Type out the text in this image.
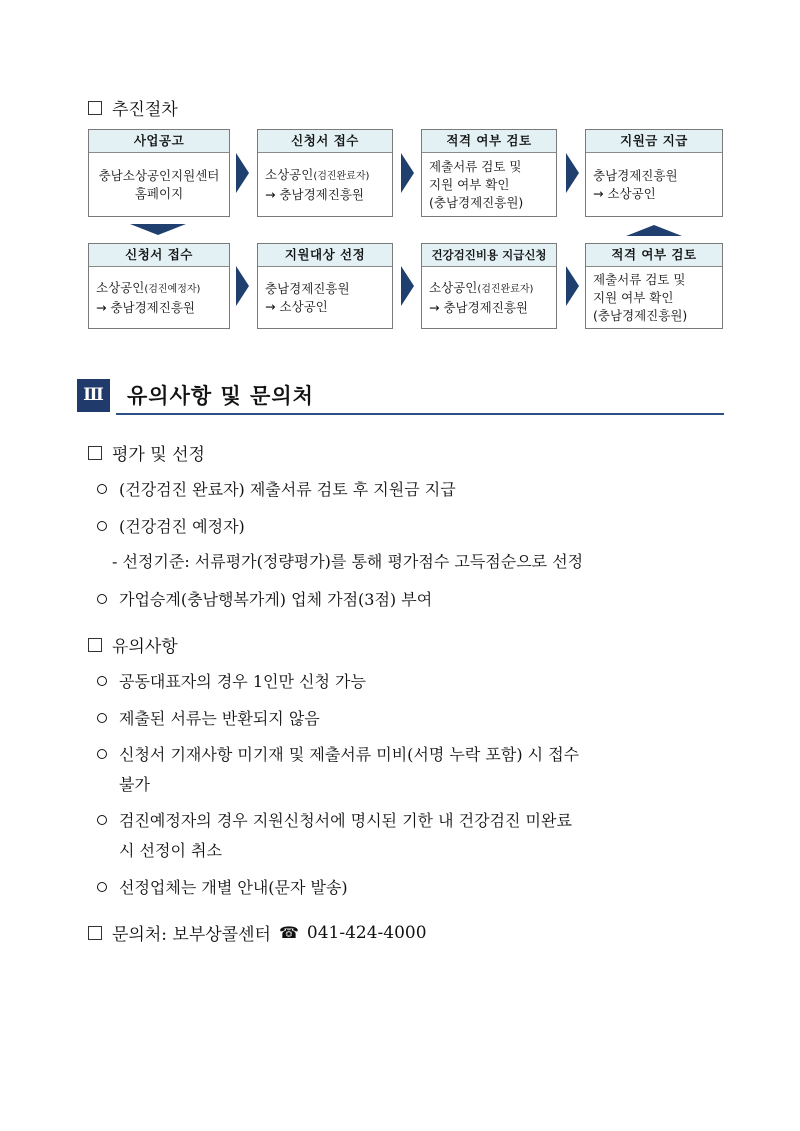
추진절차
사업공고
충남소상공인지원센터
홈페이지
신청서 접수
소상공인(검진완료자)
→ 충남경제진흥원
적격 여부 검토
제출서류 검토 및
지원 여부 확인
(충남경제진흥원)
지원금 지급
충남경제진흥원
→ 소상공인
신청서 접수
소상공인(검진예정자)
→ 충남경제진흥원
지원대상 선정
충남경제진흥원
→ 소상공인
건강검진비용 지급신청
소상공인(검진완료자)
→ 충남경제진흥원
적격 여부 검토
제출서류 검토 및
지원 여부 확인
(충남경제진흥원)
Ⅲ 유의사항 및 문의처
평가 및 선정
(건강검진 완료자) 제출서류 검토 후 지원금 지급
(건강검진 예정자)
- 선정기준: 서류평가(정량평가)를 통해 평가점수 고득점순으로 선정
가업승계(충남행복가게) 업체 가점(3점) 부여
유의사항
공동대표자의 경우 1인만 신청 가능
제출된 서류는 반환되지 않음
신청서 기재사항 미기재 및 제출서류 미비(서명 누락 포함) 시 접수
불가
검진예정자의 경우 지원신청서에 명시된 기한 내 건강검진 미완료
시 선정이 취소
선정업체는 개별 안내(문자 발송)
문의처: 보부상콜센터 ☎ 041-424-4000
